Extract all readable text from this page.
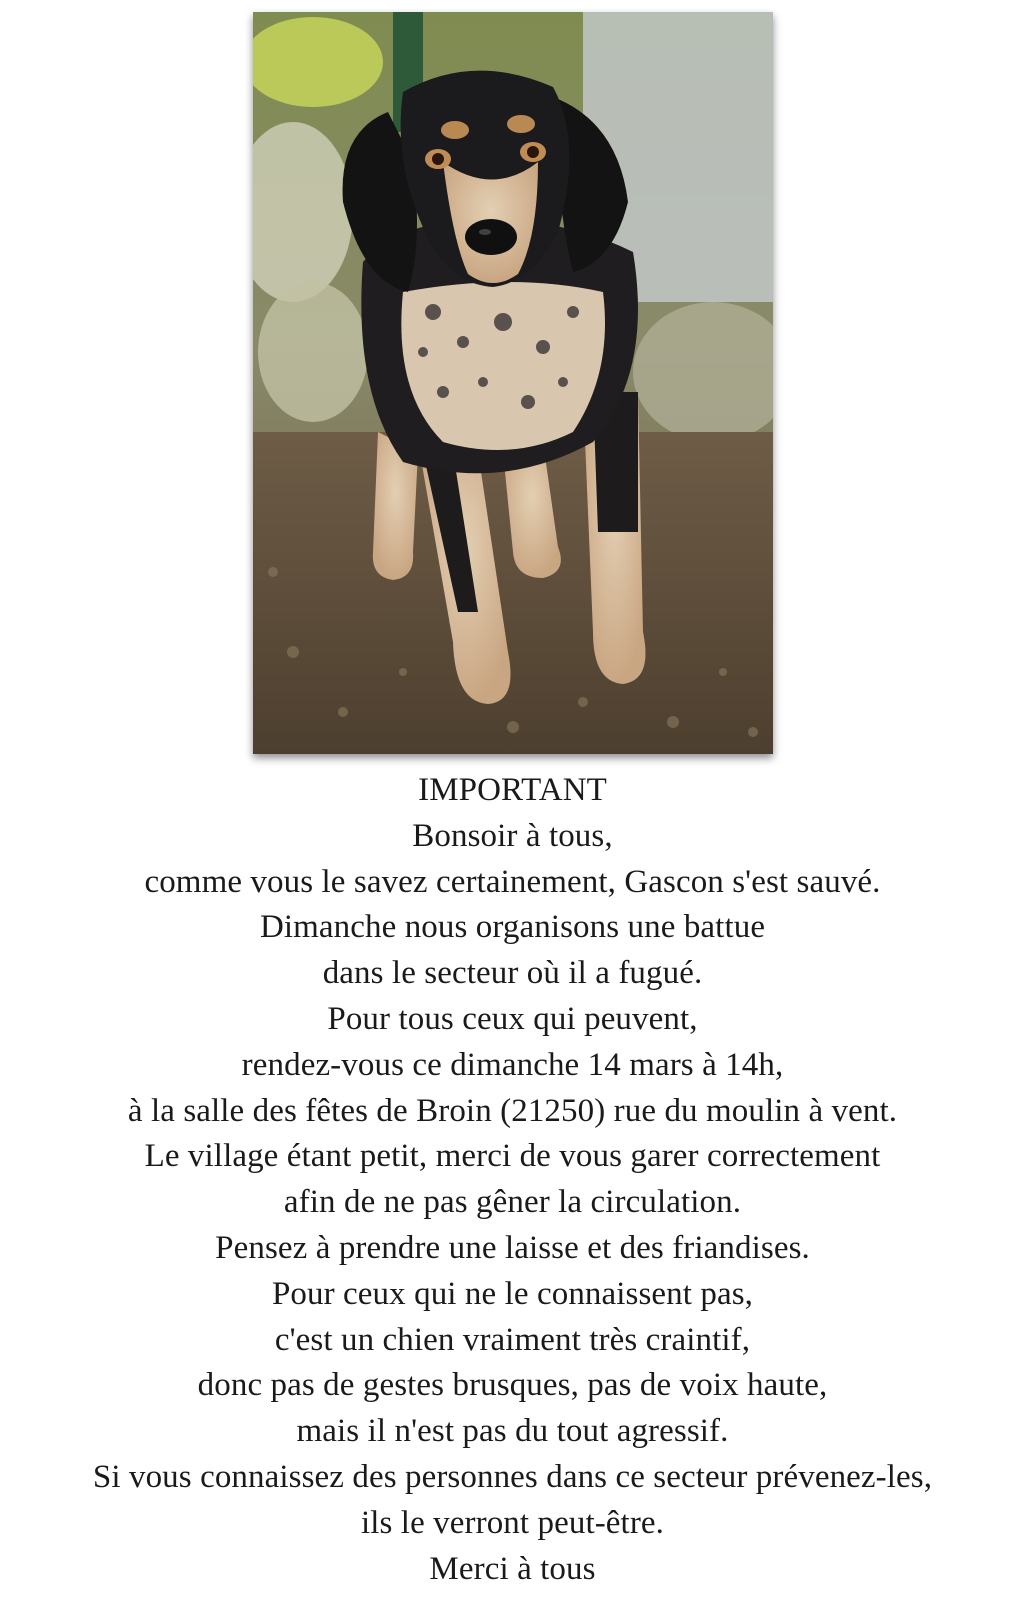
IMPORTANT
Bonsoir à tous,
comme vous le savez certainement, Gascon s'est sauvé.
Dimanche nous organisons une battue
dans le secteur où il a fugué.
Pour tous ceux qui peuvent,
rendez-vous ce dimanche 14 mars à 14h,
à la salle des fêtes de Broin (21250) rue du moulin à vent.
Le village étant petit, merci de vous garer correctement
afin de ne pas gêner la circulation.
Pensez à prendre une laisse et des friandises.
Pour ceux qui ne le connaissent pas,
c'est un chien vraiment très craintif,
donc pas de gestes brusques, pas de voix haute,
mais il n'est pas du tout agressif.
Si vous connaissez des personnes dans ce secteur prévenez-les,
ils le verront peut-être.
Merci à tous
